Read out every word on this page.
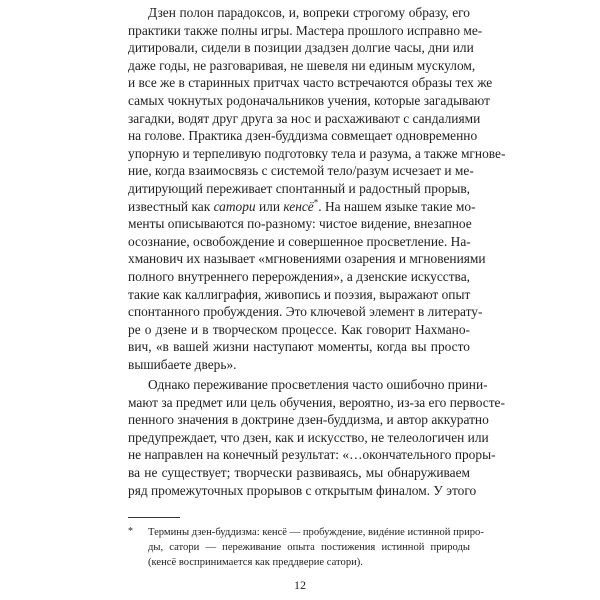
Дзен полон парадоксов, и, вопреки строгому образу, его
практики также полны игры. Мастера прошлого исправно ме-
дитировали, сидели в позиции дзадзен долгие часы, дни или
даже годы, не разговаривая, не шевеля ни единым мускулом,
и все же в старинных притчах часто встречаются образы тех же
самых чокнутых родоначальников учения, которые загадывают
загадки, водят друг друга за нос и расхаживают с сандалиями
на голове. Практика дзен-буддизма совмещает одновременно
упорную и терпеливую подготовку тела и разума, а также мгнове-
ние, когда взаимосвязь с системой тело/разум исчезает и ме-
дитирующий переживает спонтанный и радостный прорыв,
известный как сатори или кенсё*. На нашем языке такие мо-
менты описываются по-разному: чистое видение, внезапное
осознание, освобождение и совершенное просветление. На-
хманович их называет «мгновениями озарения и мгновениями
полного внутреннего перерождения», а дзенские искусства,
такие как каллиграфия, живопись и поэзия, выражают опыт
спонтанного пробуждения. Это ключевой элемент в литерату-
ре о дзене и в творческом процессе. Как говорит Нахмано-
вич, «в вашей жизни наступают моменты, когда вы просто
вышибаете дверь».
Однако переживание просветления часто ошибочно прини-
мают за предмет или цель обучения, вероятно, из-за его первосте-
пенного значения в доктрине дзен-буддизма, и автор аккуратно
предупреждает, что дзен, как и искусство, не телеологичен или
не направлен на конечный результат: «…окончательного проры-
ва не существует; творчески развиваясь, мы обнаруживаем
ряд промежуточных прорывов с открытым финалом. У этого
* Термины дзен-буддизма: кенсё — пробуждение, видéние истинной приро-
ды, сатори — переживание опыта постижения истинной природы
(кенсё воспринимается как преддверие сатори).
12
